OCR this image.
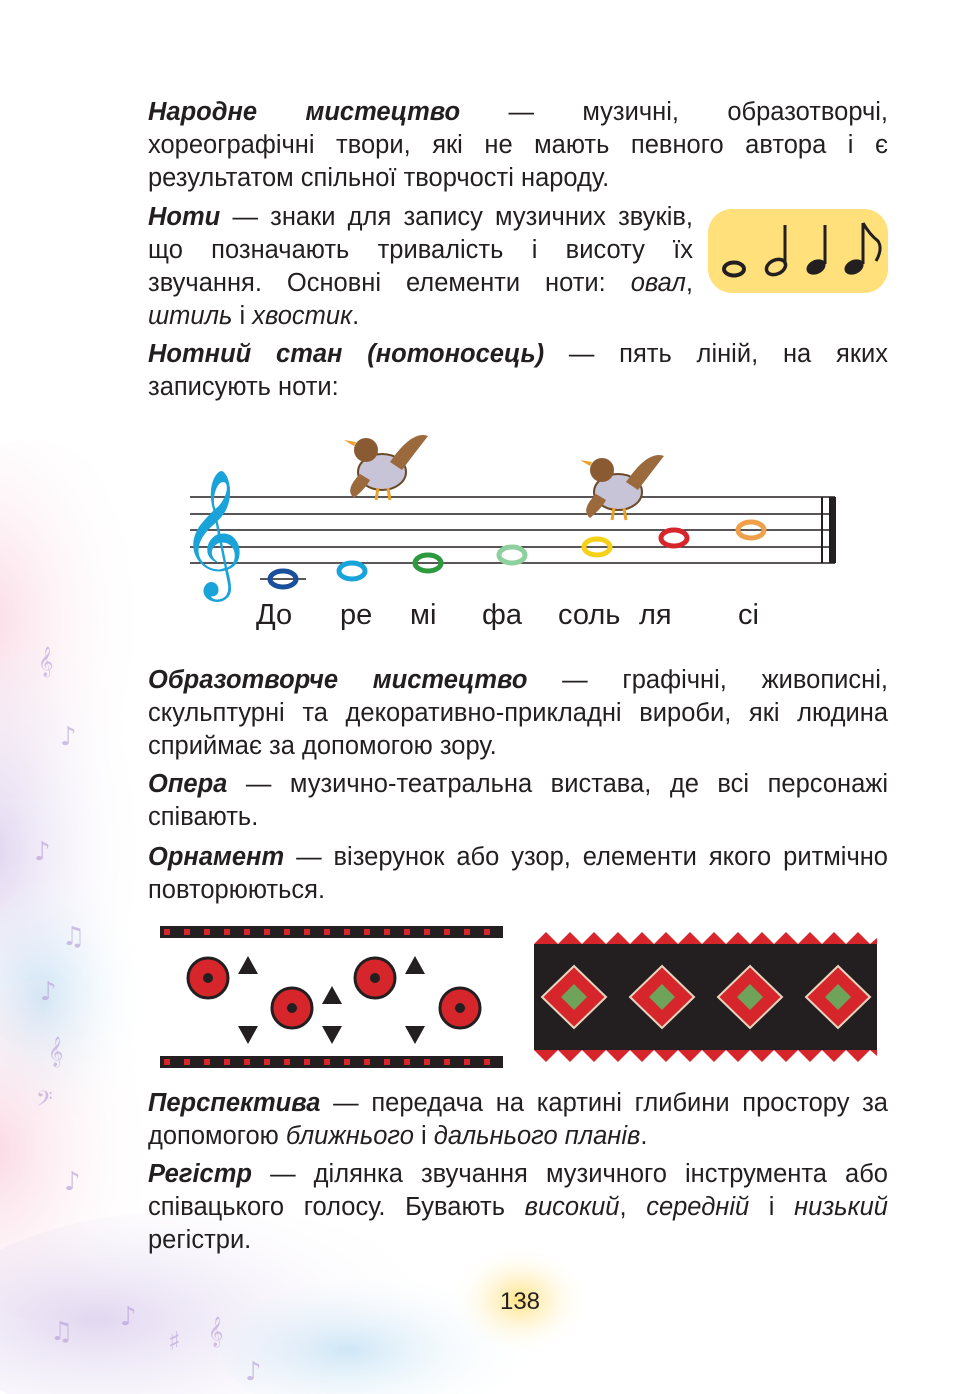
𝄞
♪
♪
♫
♪
𝄞
𝄢
♪
♫ ♪
♯ 𝄞
♪
Народне мистецтво — музичні, образотворчі, хореографічні твори, які не мають певного автора і є результатом спільної творчості народу.
Ноти — знаки для запису музичних звуків, що позначають тривалість і висоту їх звучання. Основні елементи ноти: овал, штиль і хвостик.
Нотний стан (нотоносець) — пять ліній, на яких записують ноти:
𝄞
До ре мі фа соль ля сі
Образотворче мистецтво — графічні, живописні, скульптурні та декоративно-прикладні вироби, які людина сприймає за допомогою зору.
Опера — музично-театральна вистава, де всі персонажі співають.
Орнамент — візерунок або узор, елементи якого ритмічно повторюються.
Перспектива — передача на картині глибини простору за допомогою ближнього і дальнього планів.
Регістр — ділянка звучання музичного інструмента або співацького голосу. Бувають високий, середній і низький регістри.
138
